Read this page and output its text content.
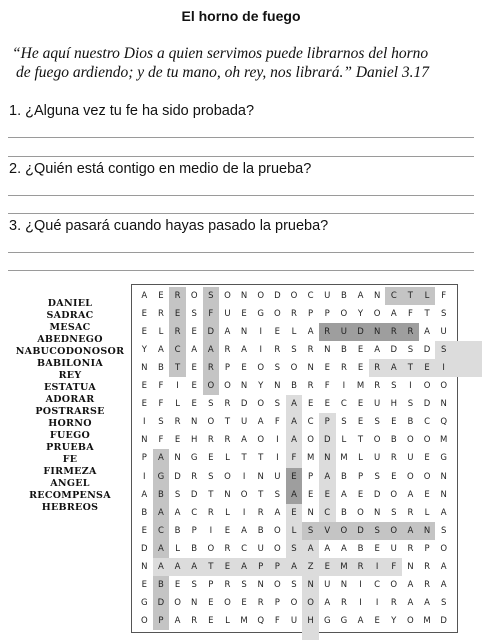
El horno de fuego
“He aquí nuestro Dios a quien servimos puede librarnos del horno
de fuego ardiendo; y de tu mano, oh rey, nos librará.” Daniel 3.17
1. ¿Alguna vez tu fe ha sido probada?
2. ¿Quién está contigo en medio de la prueba?
3. ¿Qué pasará cuando hayas pasado la prueba?
DANIEL
SADRAC
MESAC
ABEDNEGO
NABUCODONOSOR
BABILONIA
REY
ESTATUA
ADORAR
POSTRARSE
HORNO
FUEGO
PRUEBA
FE
FIRMEZA
ANGEL
RECOMPENSA
HEBREOS
A	E	R	O	S	O	N	O	D	O	C	U	B	A	N	C	T	L	F
E	R	E	S	F	U	E	G	O	R	P	P	O	Y	O	A	F	T	S
E	L	R	E	D	A	N	I	E	L	A	R	U	D	N	R	R	A	U
Y	A	C	A	A	R	A	I	R	S	R	N	B	E	A	D	S	D	S
N	B	T	E	R	P	E	O	S	O	N	E	R	E	R	A	T	E	I
E	F	I	E	O	O	N	Y	N	B	R	F	I	M	R	S	I	O	O
E	F	L	E	S	R	D	O	S	A	E	E	C	E	U	H	S	D	N
I	S	R	N	O	T	U	A	F	A	C	P	S	E	S	E	B	C	Q
N	F	E	H	R	R	A	O	I	A	O	D	L	T	O	B	O	O	M
P	A	N	G	E	L	T	T	I	F	M	N	M	L	U	R	U	E	G
I	G	D	R	S	O	I	N	U	E	P	A	B	P	S	E	O	O	N
A	B	S	D	T	N	O	T	S	A	E	E	A	E	D	O	A	E	N
B	A	A	C	R	L	I	R	A	E	N	C	B	O	N	S	R	L	A
E	C	B	P	I	E	A	B	O	L	S	V	O	D	S	O	A	N	S
D	A	L	B	O	R	C	U	O	S	A	A	A	B	E	U	R	P	O
N	A	A	A	T	E	A	P	P	A	Z	E	M	R	I	F	N	R	A
E	B	E	S	P	R	S	N	O	S	N	U	N	I	C	O	A	R	A
G	D	O	N	E	O	E	R	P	O	O	A	R	I	I	R	A	A	S
O	P	A	R	E	L	M	Q	F	U	H	G	G	A	E	Y	O	M	D
